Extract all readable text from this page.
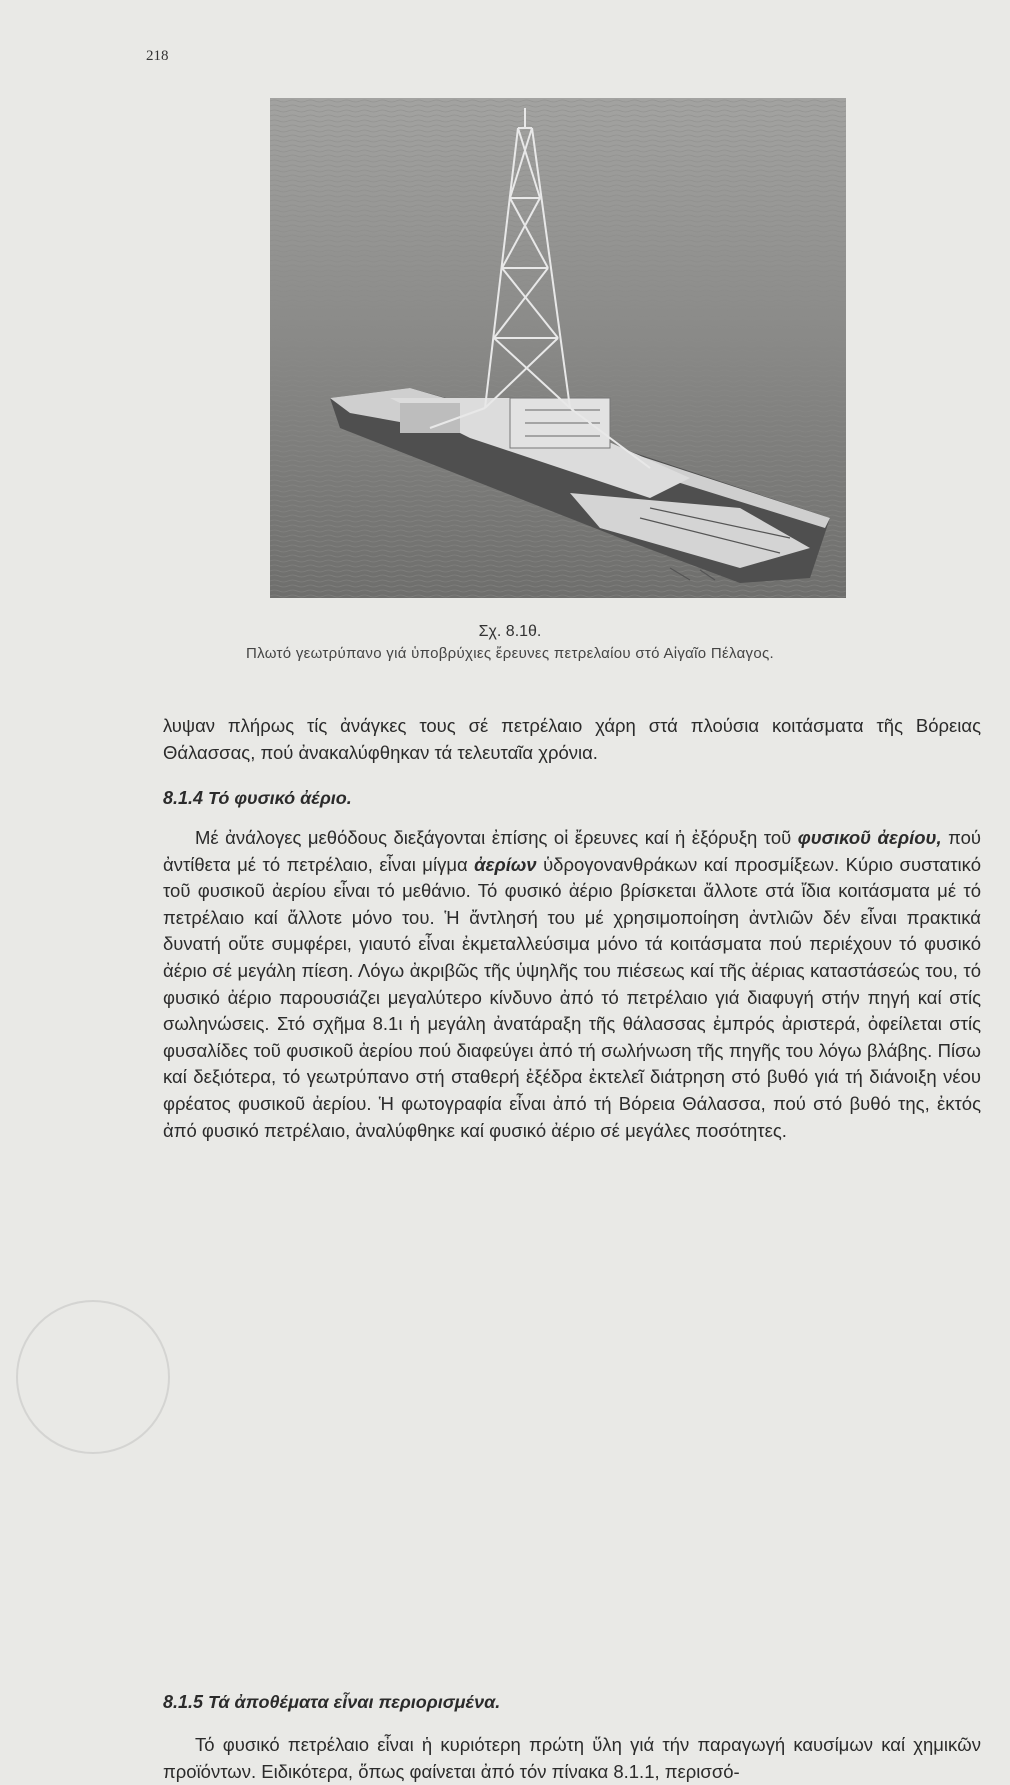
218
Σχ. 8.1θ.
Πλωτό γεωτρύπανο γιά ὑποβρύχιες ἔρευνες πετρελαίου στό Αἰγαῖο Πέλαγος.

λυψαν πλήρως τίς ἀνάγκες τους σέ πετρέλαιο χάρη στά πλούσια κοιτάσματα τῆς Βόρειας Θάλασσας, πού ἀνακαλύφθηκαν τά τελευταῖα χρόνια.

8.1.4 Τό φυσικό ἀέριο.

Μέ ἀνάλογες μεθόδους διεξάγονται ἐπίσης οἱ ἔρευνες καί ἡ ἐξόρυξη τοῦ φυσικοῦ ἀερίου, πού ἀντίθετα μέ τό πετρέλαιο, εἶναι μίγμα ἀερίων ὑδρογονανθράκων καί προσμίξεων. Κύριο συστατικό τοῦ φυσικοῦ ἀερίου εἶναι τό μεθάνιο. Τό φυσικό ἀέριο βρίσκεται ἄλλοτε στά ἴδια κοιτάσματα μέ τό πετρέλαιο καί ἄλλοτε μόνο του. Ἡ ἄντλησή του μέ χρησιμοποίηση ἀντλιῶν δέν εἶναι πρακτικά δυνατή οὔτε συμφέρει, γιαυτό εἶναι ἐκμεταλλεύσιμα μόνο τά κοιτάσματα πού περιέχουν τό φυσικό ἀέριο σέ μεγάλη πίεση. Λόγω ἀκριβῶς τῆς ὑψηλῆς του πιέσεως καί τῆς ἀέριας καταστάσεώς του, τό φυσικό ἀέριο παρουσιάζει μεγαλύτερο κίνδυνο ἀπό τό πετρέλαιο γιά διαφυγή στήν πηγή καί στίς σωληνώσεις. Στό σχῆμα 8.1ι ἡ μεγάλη ἀνατάραξη τῆς θάλασσας ἐμπρός ἀριστερά, ὀφείλεται στίς φυσαλίδες τοῦ φυσικοῦ ἀερίου πού διαφεύγει ἀπό τή σωλήνωση τῆς πηγῆς του λόγω βλάβης. Πίσω καί δεξιότερα, τό γεωτρύπανο στή σταθερή ἐξέδρα ἐκτελεῖ διάτρηση στό βυθό γιά τή διάνοιξη νέου φρέατος φυσικοῦ ἀερίου. Ἡ φωτογραφία εἶναι ἀπό τή Βόρεια Θάλασσα, πού στό βυθό της, ἐκτός ἀπό φυσικό πετρέλαιο, ἀναλύφθηκε καί φυσικό ἀέριο σέ μεγάλες ποσότητες.

8.1.5 Τά ἀποθέματα εἶναι περιορισμένα.

Τό φυσικό πετρέλαιο εἶναι ἡ κυριότερη πρώτη ὕλη γιά τήν παραγωγή καυσίμων καί χημικῶν προϊόντων. Ειδικότερα, ὅπως φαίνεται ἀπό τόν πίνακα 8.1.1, περισσό-
